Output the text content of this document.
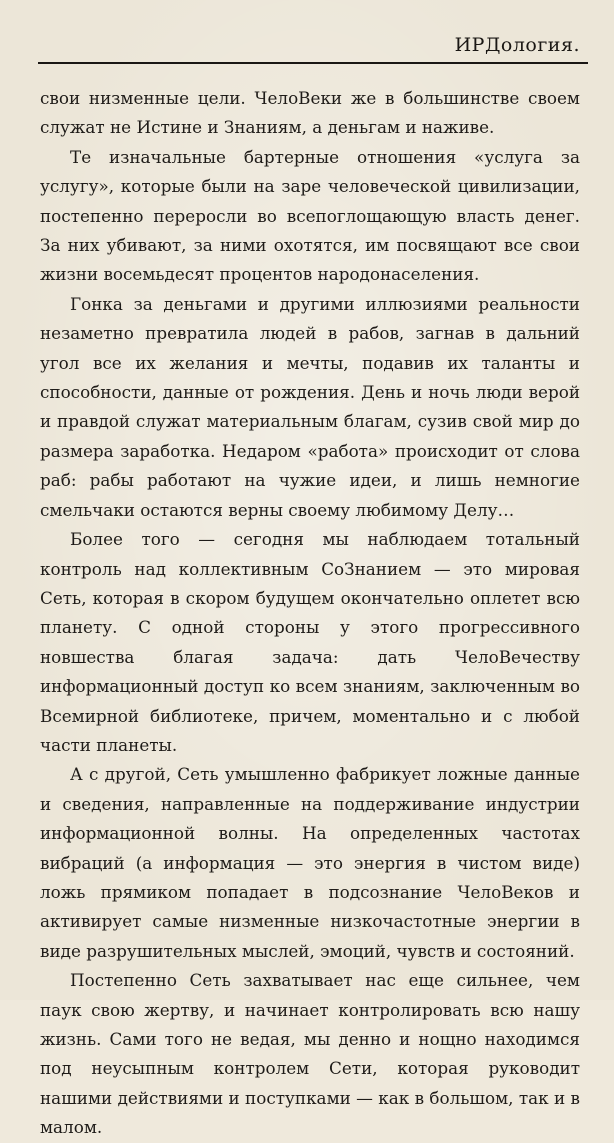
ИРДология.

свои низменные цели. ЧелоВеки же в большинстве своем служат не Истине и Знаниям, а деньгам и наживе.

Те изначальные бартерные отношения «услуга за услугу», которые были на заре человеческой цивилизации, постепенно переросли во всепоглощающую власть денег. За них убивают, за ними охотятся, им посвящают все свои жизни восемьдесят процентов народонаселения.

Гонка за деньгами и другими иллюзиями реальности незаметно превратила людей в рабов, загнав в дальний угол все их желания и мечты, подавив их таланты и способности, данные от рождения. День и ночь люди верой и правдой служат материальным благам, сузив свой мир до размера заработка. Недаром «работа» происходит от слова раб: рабы работают на чужие идеи, и лишь немногие смельчаки остаются верны своему любимому Делу…

Более того — сегодня мы наблюдаем тотальный контроль над коллективным СоЗнанием — это мировая Сеть, которая в скором будущем окончательно оплетет всю планету. С одной стороны у этого прогрессивного новшества благая задача: дать ЧелоВечеству информационный доступ ко всем знаниям, заключенным во Всемирной библиотеке, причем, моментально и с любой части планеты.

А с другой, Сеть умышленно фабрикует ложные данные и сведения, направленные на поддерживание индустрии информационной волны. На определенных частотах вибраций (а информация — это энергия в чистом виде) ложь прямиком попадает в подсознание ЧелоВеков и активирует самые низменные низкочастотные энергии в виде разрушительных мыслей, эмоций, чувств и состояний.

Постепенно Сеть захватывает нас еще сильнее, чем паук свою жертву, и начинает контролировать всю нашу жизнь. Сами того не ведая, мы денно и нощно находимся под неусыпным контролем Сети, которая руководит нашими действиями и поступками — как в большом, так и в малом.
